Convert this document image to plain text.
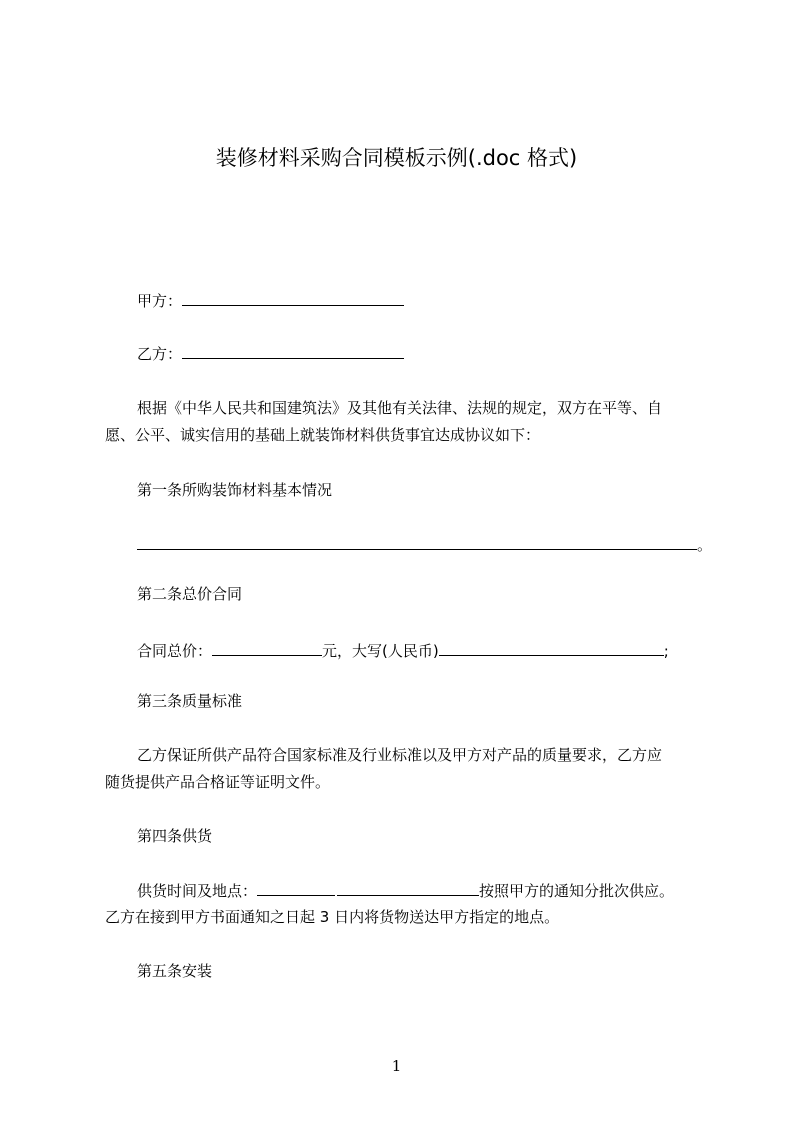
装修材料采购合同模板示例(.doc 格式)
甲方：
乙方：
根据《中华人民共和国建筑法》及其他有关法律、法规的规定，双方在平等、自
愿、公平、诚实信用的基础上就装饰材料供货事宜达成协议如下：
第一条所购装饰材料基本情况
。
第二条总价合同
合同总价：	元，大写(人民币)	;
第三条质量标准
乙方保证所供产品符合国家标准及行业标准以及甲方对产品的质量要求，乙方应
随货提供产品合格证等证明文件。
第四条供货
供货时间及地点：	按照甲方的通知分批次供应。
乙方在接到甲方书面通知之日起 3 日内将货物送达甲方指定的地点。
第五条安装
1
